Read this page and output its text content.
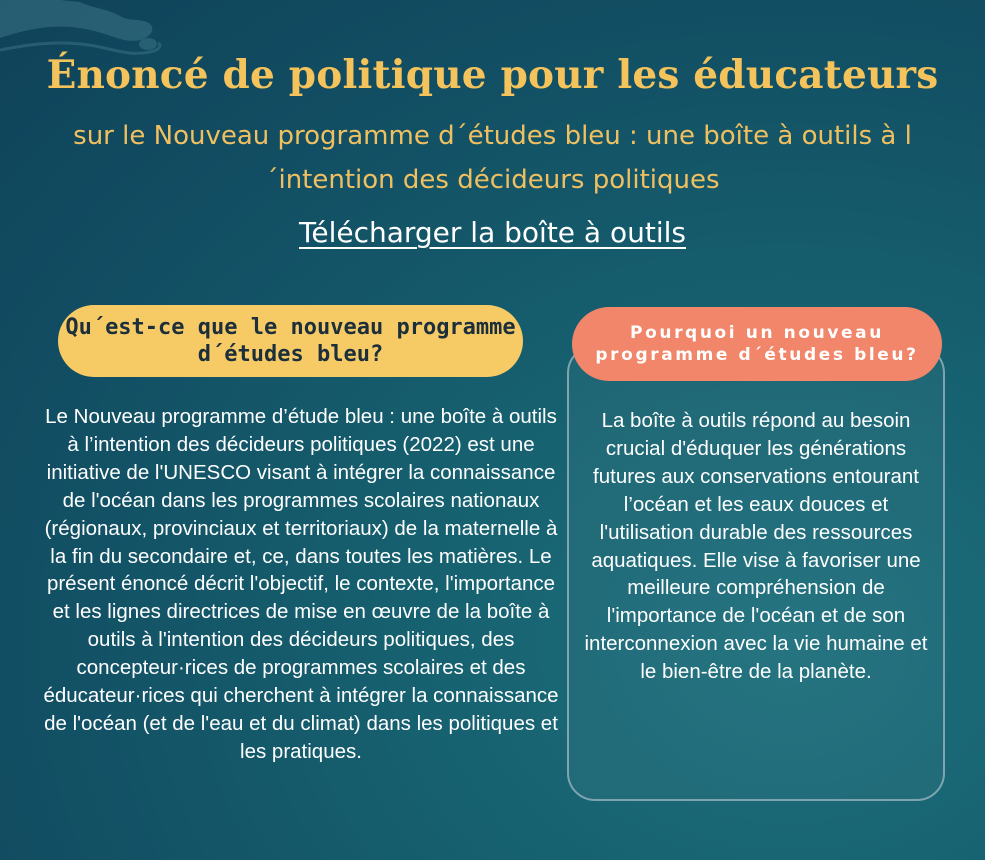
Énoncé de politique pour les éducateurs
sur le Nouveau programme d´études bleu : une boîte à outils à l´intention des décideurs politiques
Télécharger la boîte à outils
Qu´est-ce que le nouveau programme d´études bleu?
Le Nouveau programme d’étude bleu : une boîte à outils à l’intention des décideurs politiques (2022) est une initiative de l'UNESCO visant à intégrer la connaissance de l'océan dans les programmes scolaires nationaux (régionaux, provinciaux et territoriaux) de la maternelle à la fin du secondaire et, ce, dans toutes les matières. Le présent énoncé décrit l'objectif, le contexte, l'importance et les lignes directrices de mise en œuvre de la boîte à outils à l'intention des décideurs politiques, des concepteur·rices de programmes scolaires et des éducateur·rices qui cherchent à intégrer la connaissance de l'océan (et de l'eau et du climat) dans les politiques et les pratiques.
Pourquoi un nouveau programme d´études bleu?
La boîte à outils répond au besoin crucial d'éduquer les générations futures aux conservations entourant l’océan et les eaux douces et l'utilisation durable des ressources aquatiques. Elle vise à favoriser une meilleure compréhension de l'importance de l'océan et de son interconnexion avec la vie humaine et le bien-être de la planète.
